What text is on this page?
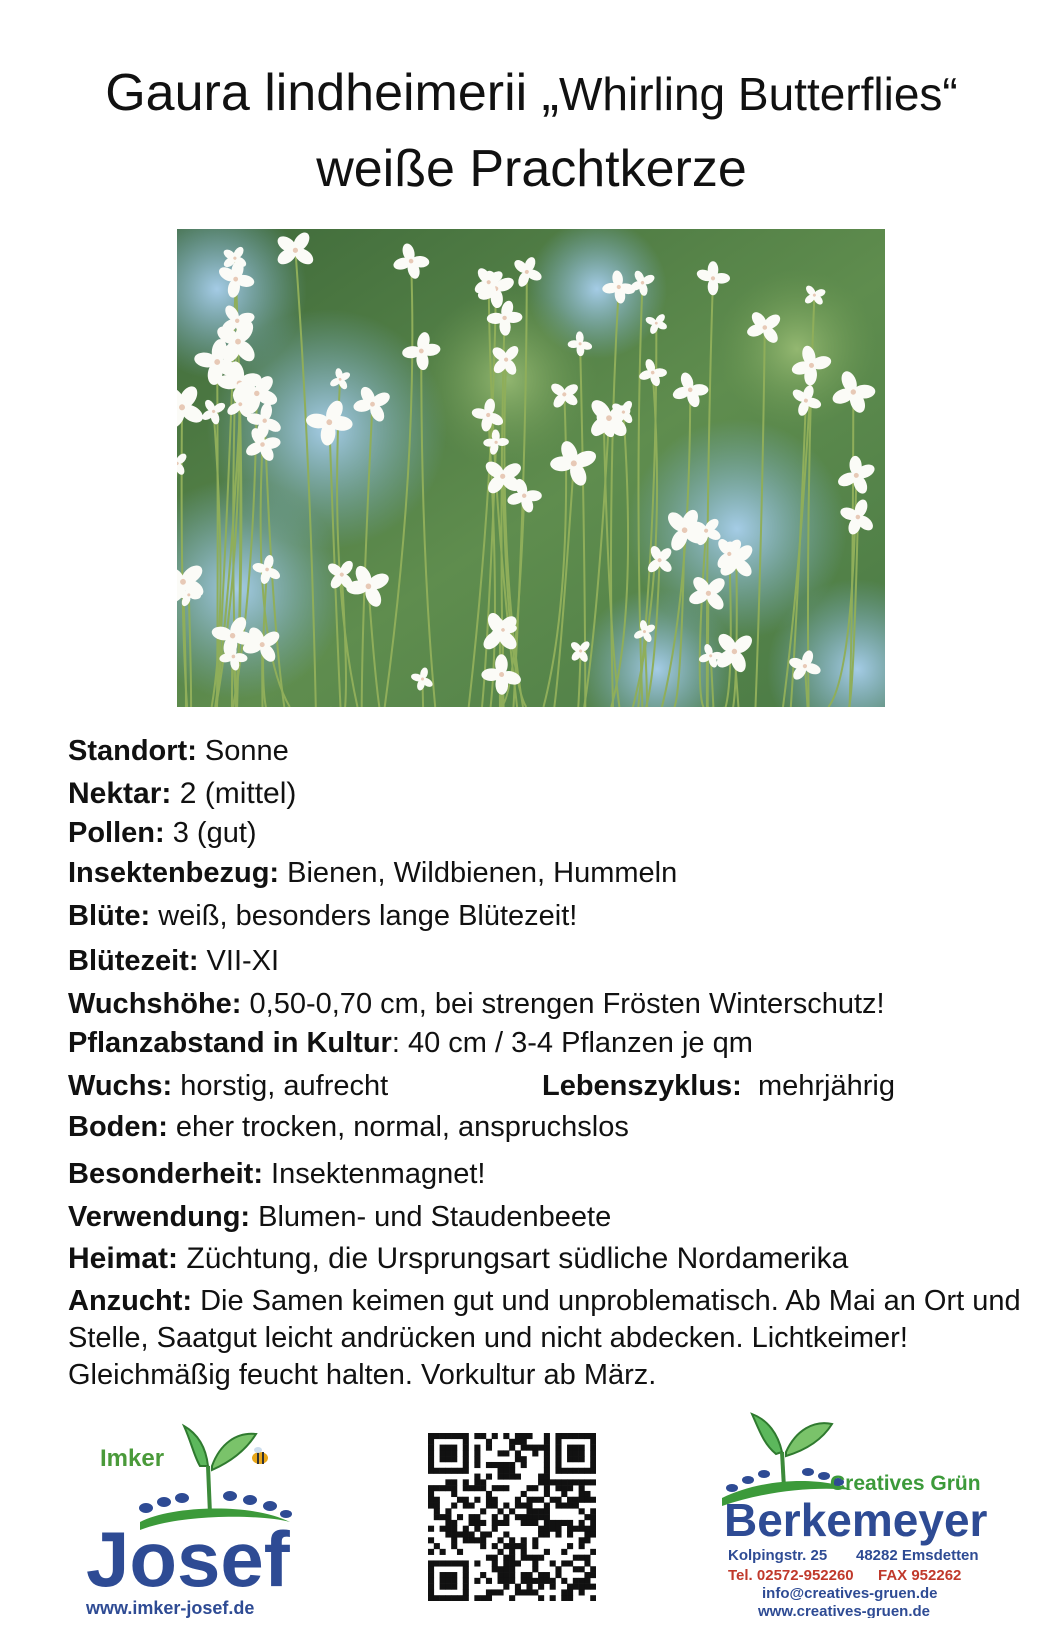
Gaura lindheimerii „Whirling Butterflies“
weiße Prachtkerze
Standort: Sonne
Nektar: 2 (mittel)
Pollen: 3 (gut)
Insektenbezug: Bienen, Wildbienen, Hummeln
Blüte: weiß, besonders lange Blütezeit!
Blütezeit: VII-XI
Wuchshöhe: 0,50-0,70 cm, bei strengen Frösten Winterschutz!
Pflanzabstand in Kultur: 40 cm / 3-4 Pflanzen je qm
Wuchs: horstig, aufrecht	Lebenszyklus:  mehrjährig
Boden: eher trocken, normal, anspruchslos
Besonderheit: Insektenmagnet!
Verwendung: Blumen- und Staudenbeete
Heimat: Züchtung, die Ursprungsart südliche Nordamerika
Anzucht: Die Samen keimen gut und unproblematisch. Ab Mai an Ort und Stelle, Saatgut leicht andrücken und nicht abdecken. Lichtkeimer! Gleichmäßig feucht halten. Vorkultur ab März.
Imker
Josef
www.imker-josef.de
Creatives Grün
Berkemeyer
Kolpingstr. 25 48282 Emsdetten
Tel. 02572-952260 FAX 952262
info@creatives-gruen.de
www.creatives-gruen.de
